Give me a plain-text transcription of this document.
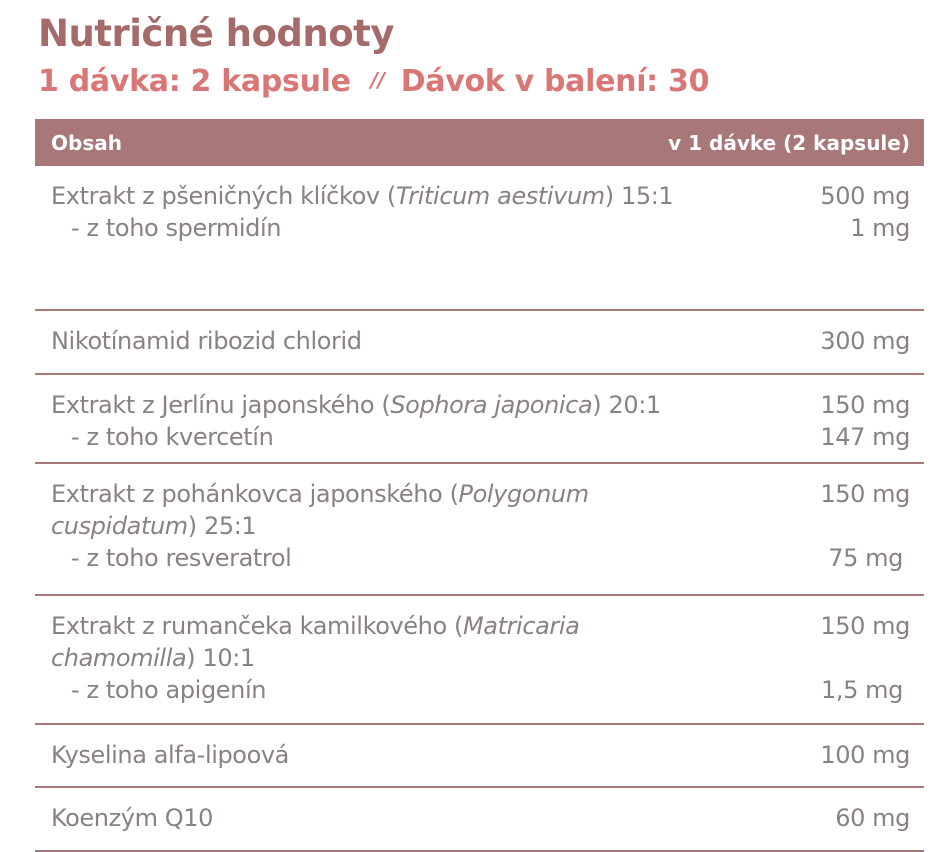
Nutričné hodnoty
1 dávka: 2 kapsule // Dávok v balení: 30
Obsah	v 1 dávke (2 kapsule)
Extrakt z pšeničných klíčkov (Triticum aestivum) 15:1	500 mg
- z toho spermidín	1 mg
Nikotínamid ribozid chlorid	300 mg
Extrakt z Jerlínu japonského (Sophora japonica) 20:1	150 mg
- z toho kvercetín	147 mg
Extrakt z pohánkovca japonského (Polygonum	150 mg
cuspidatum) 25:1
- z toho resveratrol	75 mg
Extrakt z rumančeka kamilkového (Matricaria	150 mg
chamomilla) 10:1
- z toho apigenín	1,5 mg
Kyselina alfa-lipoová	100 mg
Koenzým Q10	60 mg
